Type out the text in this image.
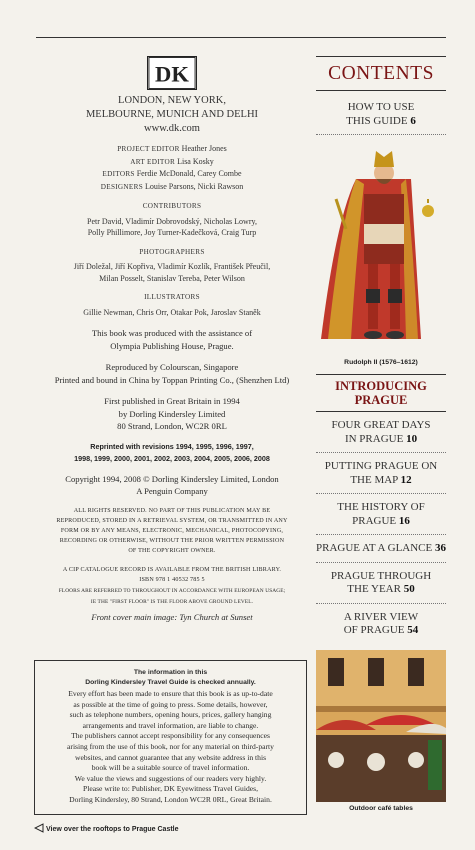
DK
LONDON, NEW YORK,
MELBOURNE, MUNICH AND DELHI
www.dk.com
PROJECT EDITOR Heather Jones
ART EDITOR Lisa Kosky
EDITORS Ferdie McDonald, Carey Combe
DESIGNERS Louise Parsons, Nicki Rawson
CONTRIBUTORS
Petr David, Vladimír Dobrovodský, Nicholas Lowry,
Polly Phillimore, Joy Turner-Kadečková, Craig Turp
PHOTOGRAPHERS
Jiří Doležal, Jiří Kopřiva, Vladimír Kozlík, František Přeučil,
Milan Posselt, Stanislav Tereba, Peter Wilson
ILLUSTRATORS
Gillie Newman, Chris Orr, Otakar Pok, Jaroslav Staněk
This book was produced with the assistance of
Olympia Publishing House, Prague.
Reproduced by Colourscan, Singapore
Printed and bound in China by Toppan Printing Co., (Shenzhen Ltd)
First published in Great Britain in 1994
by Dorling Kindersley Limited
80 Strand, London, WC2R 0RL
Reprinted with revisions 1994, 1995, 1996, 1997,
1998, 1999, 2000, 2001, 2002, 2003, 2004, 2005, 2006, 2008
Copyright 1994, 2008 © Dorling Kindersley Limited, London
A Penguin Company
ALL RIGHTS RESERVED. NO PART OF THIS PUBLICATION MAY BE
REPRODUCED, STORED IN A RETRIEVAL SYSTEM, OR TRANSMITTED IN ANY
FORM OR BY ANY MEANS, ELECTRONIC, MECHANICAL, PHOTOCOPYING,
RECORDING OR OTHERWISE, WITHOUT THE PRIOR WRITTEN PERMISSION
OF THE COPYRIGHT OWNER.
A CIP CATALOGUE RECORD IS AVAILABLE FROM THE BRITISH LIBRARY.
ISBN 978 1 40532 785 5
FLOORS ARE REFERRED TO THROUGHOUT IN ACCORDANCE WITH EUROPEAN USAGE;
IE THE "FIRST FLOOR" IS THE FLOOR ABOVE GROUND LEVEL.
Front cover main image: Tyn Church at Sunset
The information in this
Dorling Kindersley Travel Guide is checked annually.
Every effort has been made to ensure that this book is as up-to-date
as possible at the time of going to press. Some details, however,
such as telephone numbers, opening hours, prices, gallery hanging
arrangements and travel information, are liable to change.
The publishers cannot accept responsibility for any consequences
arising from the use of this book, nor for any material on third-party
websites, and cannot guarantee that any website address in this
book will be a suitable source of travel information.
We value the views and suggestions of our readers very highly.
Please write to: Publisher, DK Eyewitness Travel Guides,
Dorling Kindersley, 80 Strand, London WC2R 0RL, Great Britain.
View over the rooftops to Prague Castle
CONTENTS
HOW TO USE
THIS GUIDE 6
Rudolph II (1576–1612)
INTRODUCING
PRAGUE
FOUR GREAT DAYS
IN PRAGUE 10
PUTTING PRAGUE ON
THE MAP 12
THE HISTORY OF
PRAGUE 16
PRAGUE AT A GLANCE 36
PRAGUE THROUGH
THE YEAR 50
A RIVER VIEW
OF PRAGUE 54
Outdoor café tables
